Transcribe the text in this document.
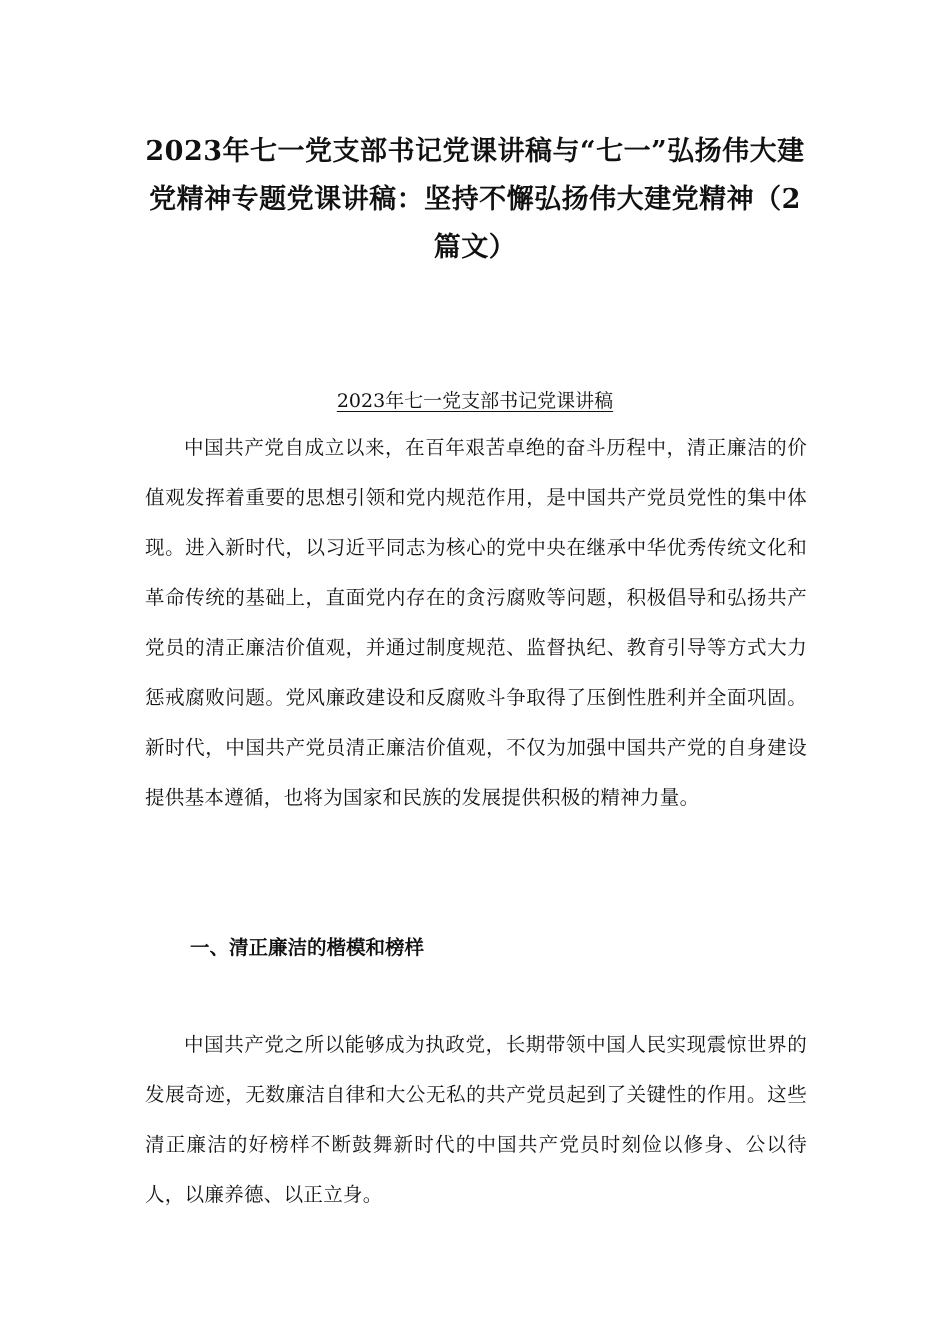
2023年七一党支部书记党课讲稿与“七一”弘扬伟大建党精神专题党课讲稿：坚持不懈弘扬伟大建党精神（2篇文）
2023年七一党支部书记党课讲稿

中国共产党自成立以来，在百年艰苦卓绝的奋斗历程中，清正廉洁的价值观发挥着重要的思想引领和党内规范作用，是中国共产党员党性的集中体现。进入新时代，以习近平同志为核心的党中央在继承中华优秀传统文化和革命传统的基础上，直面党内存在的贪污腐败等问题，积极倡导和弘扬共产党员的清正廉洁价值观，并通过制度规范、监督执纪、教育引导等方式大力惩戒腐败问题。党风廉政建设和反腐败斗争取得了压倒性胜利并全面巩固。新时代，中国共产党员清正廉洁价值观，不仅为加强中国共产党的自身建设提供基本遵循，也将为国家和民族的发展提供积极的精神力量。

一、清正廉洁的楷模和榜样

中国共产党之所以能够成为执政党，长期带领中国人民实现震惊世界的发展奇迹，无数廉洁自律和大公无私的共产党员起到了关键性的作用。这些清正廉洁的好榜样不断鼓舞新时代的中国共产党员时刻俭以修身、公以待人，以廉养德、以正立身。
